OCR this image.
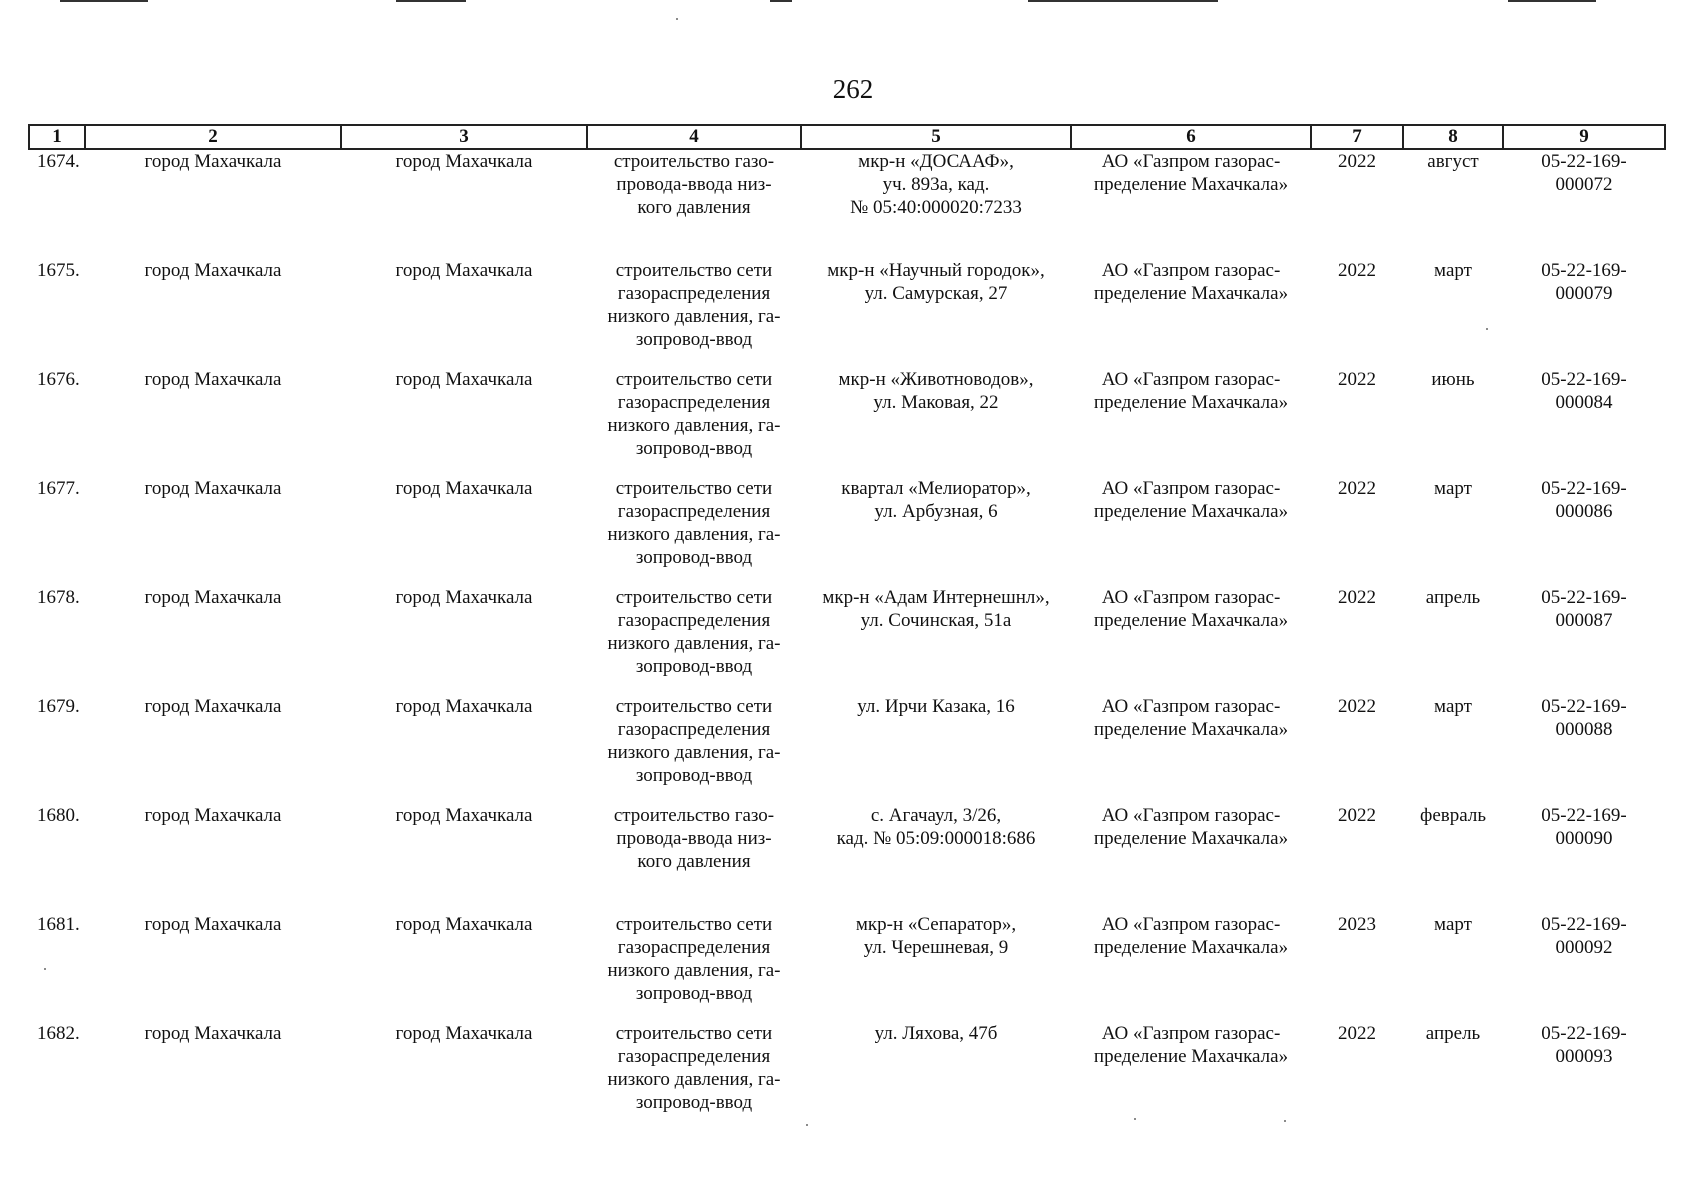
262
1	2	3	4	5	6	7	8	9
1674.	город Махачкала	город Махачкала	строительство газо-
провода-ввода низ-
кого давления	мкр-н «ДОСААФ»,
уч. 893а, кад.
№ 05:40:000020:7233	АО «Газпром газорас-
пределение Махачкала»	2022	август	05-22-169-
000072
1675.	город Махачкала	город Махачкала	строительство сети
газораспределения
низкого давления, га-
зопровод-ввод	мкр-н «Научный городок»,
ул. Самурская, 27	АО «Газпром газорас-
пределение Махачкала»	2022	март	05-22-169-
000079
1676.	город Махачкала	город Махачкала	строительство сети
газораспределения
низкого давления, га-
зопровод-ввод	мкр-н «Животноводов»,
ул. Маковая, 22	АО «Газпром газорас-
пределение Махачкала»	2022	июнь	05-22-169-
000084
1677.	город Махачкала	город Махачкала	строительство сети
газораспределения
низкого давления, га-
зопровод-ввод	квартал «Мелиоратор»,
ул. Арбузная, 6	АО «Газпром газорас-
пределение Махачкала»	2022	март	05-22-169-
000086
1678.	город Махачкала	город Махачкала	строительство сети
газораспределения
низкого давления, га-
зопровод-ввод	мкр-н «Адам Интернешнл»,
ул. Сочинская, 51а	АО «Газпром газорас-
пределение Махачкала»	2022	апрель	05-22-169-
000087
1679.	город Махачкала	город Махачкала	строительство сети
газораспределения
низкого давления, га-
зопровод-ввод	ул. Ирчи Казака, 16	АО «Газпром газорас-
пределение Махачкала»	2022	март	05-22-169-
000088
1680.	город Махачкала	город Махачкала	строительство газо-
провода-ввода низ-
кого давления	с. Агачаул, 3/26,
кад. № 05:09:000018:686	АО «Газпром газорас-
пределение Махачкала»	2022	февраль	05-22-169-
000090
1681.	город Махачкала	город Махачкала	строительство сети
газораспределения
низкого давления, га-
зопровод-ввод	мкр-н «Сепаратор»,
ул. Черешневая, 9	АО «Газпром газорас-
пределение Махачкала»	2023	март	05-22-169-
000092
1682.	город Махачкала	город Махачкала	строительство сети
газораспределения
низкого давления, га-
зопровод-ввод	ул. Ляхова, 47б	АО «Газпром газорас-
пределение Махачкала»	2022	апрель	05-22-169-
000093
